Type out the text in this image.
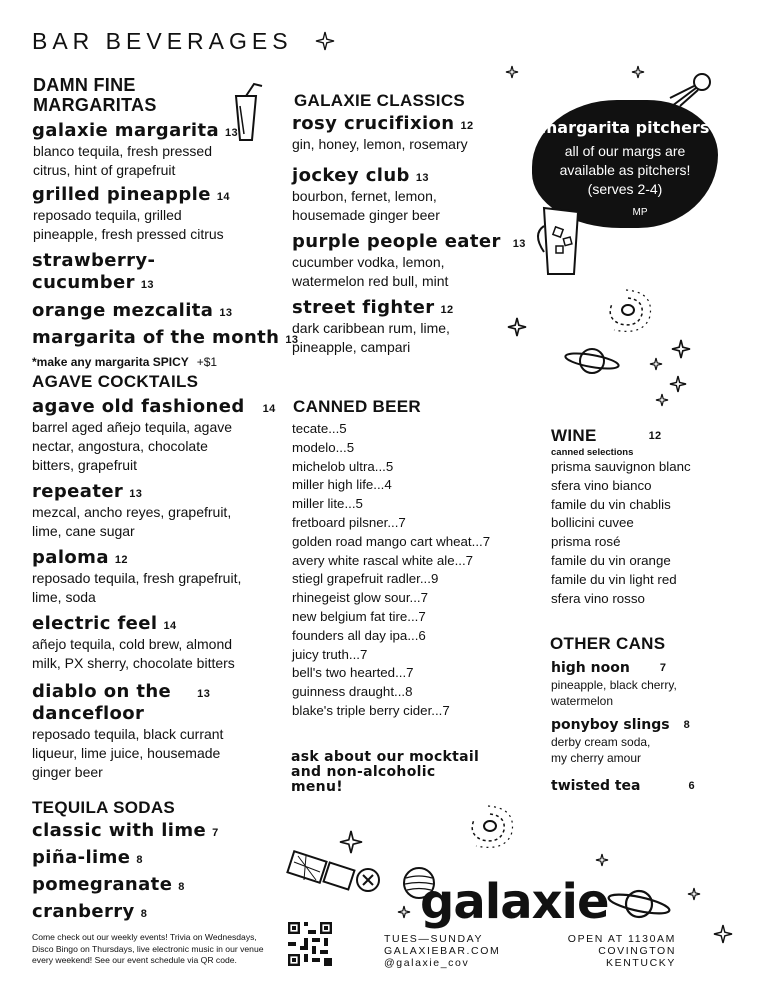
BAR BEVERAGES
DAMN FINE
MARGARITAS
galaxie margarita $^{13}$
blanco tequila, fresh pressed
citrus, hint of grapefruit
grilled pineapple $^{14}$
reposado tequila, grilled
pineapple, fresh pressed citrus
strawberry-cucumber $^{13}$
orange mezcalita $^{13}$
margarita of the month $^{13}$
*make any margarita SPICY +$1
AGAVE COCKTAILS
agave old fashioned $^{14}$
barrel aged añejo tequila, agave
nectar, angostura, chocolate
bitters, grapefruit
repeater $^{13}$
mezcal, ancho reyes, grapefruit,
lime, cane sugar
paloma $^{12}$
reposado tequila, fresh grapefruit,
lime, soda
electric feel $^{14}$
añejo tequila, cold brew, almond
milk, PX sherry, chocolate bitters
diablo on the $^{13}$
dancefloor
reposado tequila, black currant
liqueur, lime juice, housemade
ginger beer
TEQUILA SODAS
classic with lime $^7$
piña-lime $^8$
pomegranate $^8$
cranberry $^8$
GALAXIE CLASSICS
rosy crucifixion $^{12}$
gin, honey, lemon, rosemary
jockey club $^{13}$
bourbon, fernet, lemon,
housemade ginger beer
purple people eater $^{13}$
cucumber vodka, lemon,
watermelon red bull, mint
street fighter $^{12}$
dark caribbean rum, lime,
pineapple, campari
CANNED BEER
tecate...5
modelo...5
michelob ultra...5
miller high life...4
miller lite...5
fretboard pilsner...7
golden road mango cart wheat...7
avery white rascal white ale...7
stiegl grapefruit radler...9
rhinegeist glow sour...7
new belgium fat tire...7
founders all day ipa...6
juicy truth...7
bell's two hearted...7
guinness draught...8
blake's triple berry cider...7
ask about our mocktail
and non-alcoholic
menu!
margarita pitchers
all of our margs are
available as pitchers!
(serves 2-4)
MP
WINE	$^{12}$
canned selections
prisma sauvignon blanc
sfera vino bianco
famile du vin chablis
bollicini cuvee
prisma rosé
famile du vin orange
famile du vin light red
sfera vino rosso
OTHER CANS
high noon	$^7$
pineapple, black cherry,
watermelon
ponyboy slings $^8$
derby cream soda,
my cherry amour
twisted tea	$^6$
galaxie
Come check out our weekly events! Trivia on Wednesdays,
Disco Bingo on Thursdays, live electronic music in our venue
every weekend! See our event schedule via QR code.
TUES—SUNDAY
GALAXIEBAR.COM
@galaxie_cov
OPEN AT 1130AM
COVINGTON KENTUCKY
